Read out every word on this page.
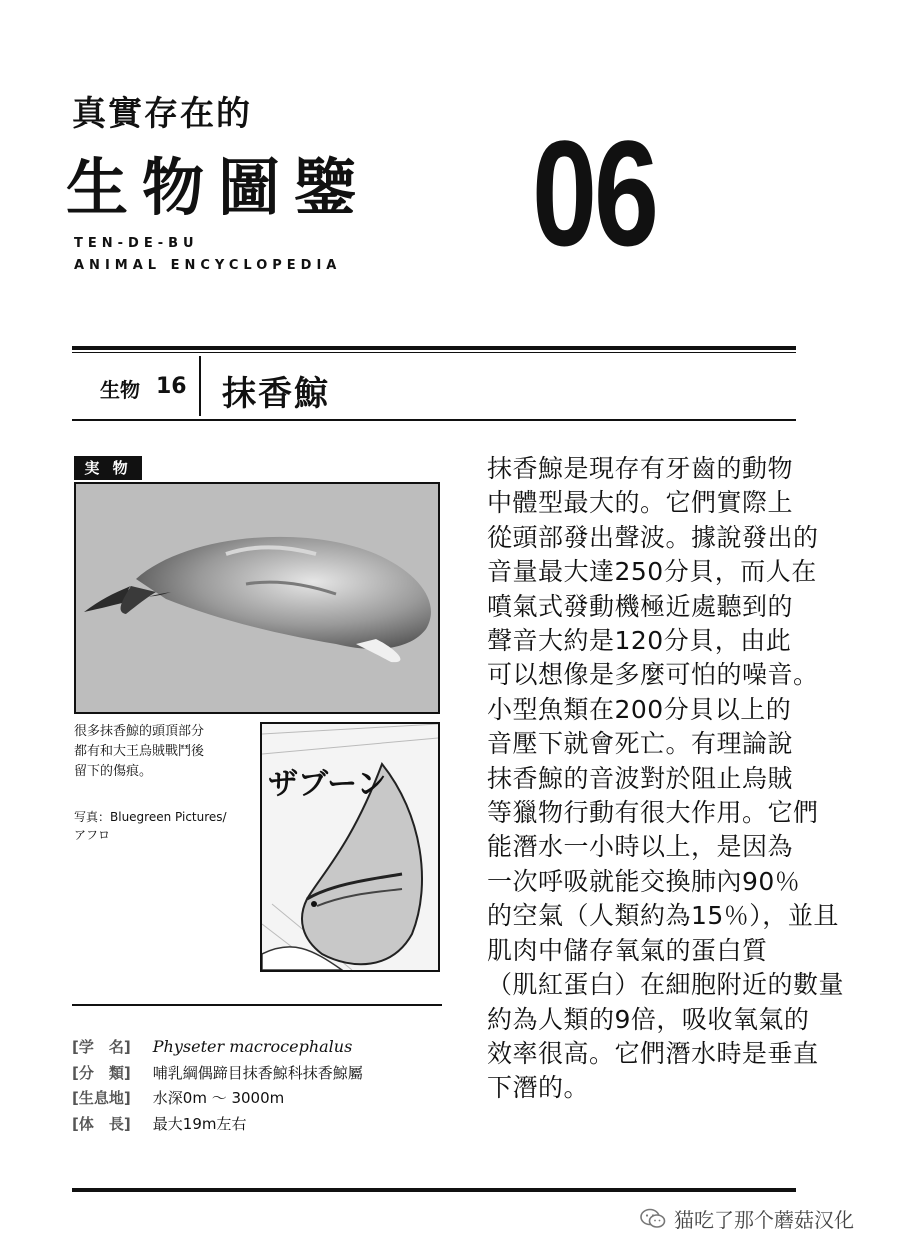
真實存在的
生物圖鑒
TEN-DE-BU
ANIMAL ENCYCLOPEDIA 06
生物 16 抹香鯨
実 物
很多抹香鯨的頭頂部分
都有和大王烏賊戰鬥後
留下的傷痕。
写真：Bluegreen Pictures/
アフロ
ザブーン
[学　名] Physeter macrocephalus
[分　類] 哺乳綱偶蹄目抹香鯨科抹香鯨屬
[生息地] 水深0m ～ 3000m
[体　長] 最大19m左右
抹香鯨是現存有牙齒的動物
中體型最大的。它們實際上
從頭部發出聲波。據說發出的
音量最大達250分貝，而人在
噴氣式發動機極近處聽到的
聲音大約是120分貝，由此
可以想像是多麼可怕的噪音。
小型魚類在200分貝以上的
音壓下就會死亡。有理論說
抹香鯨的音波對於阻止烏賊
等獵物行動有很大作用。它們
能潛水一小時以上，是因為
一次呼吸就能交換肺內90％
的空氣（人類約為15％），並且
肌肉中儲存氧氣的蛋白質
（肌紅蛋白）在細胞附近的數量
約為人類的9倍，吸收氧氣的
效率很高。它們潛水時是垂直
下潛的。
猫吃了那个蘑菇汉化
